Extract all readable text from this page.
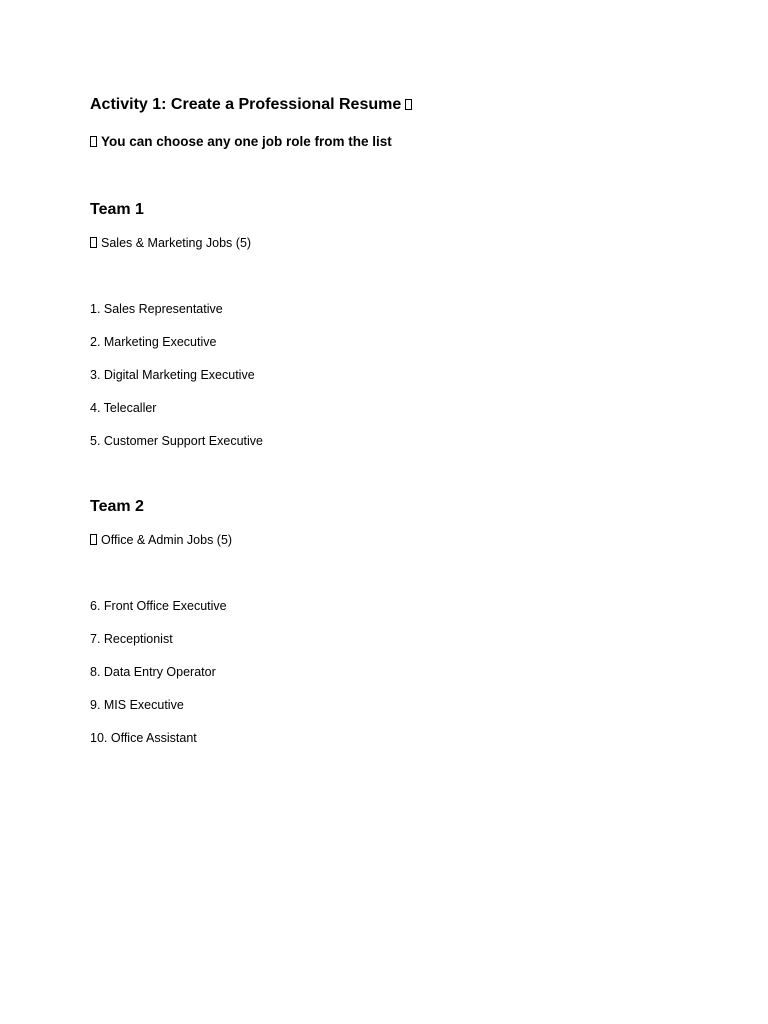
Activity 1: Create a Professional Resume

You can choose any one job role from the list

Team 1

Sales & Marketing Jobs (5)

1. Sales Representative
2. Marketing Executive
3. Digital Marketing Executive
4. Telecaller
5. Customer Support Executive
Team 2

Office & Admin Jobs (5)

6. Front Office Executive
7. Receptionist
8. Data Entry Operator
9. MIS Executive
10. Office Assistant
